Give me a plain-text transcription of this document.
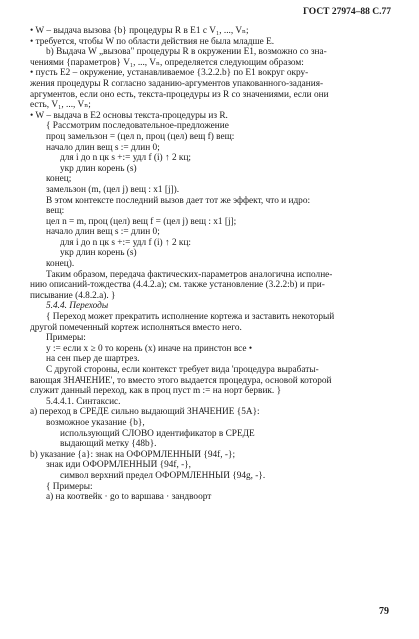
ГОСТ 27974–88 С.77
• W – выдача вызова {b} процедуры R в E1 с V₁, ..., Vₙ;
• требуется, чтобы W по области действия не была младше E.
b) Выдача W „вызова" процедуры R в окружении E1, возможно со зна-
чениями {параметров} V₁, ..., Vₙ, определяется следующим образом:
• пусть E2 – окружение, устанавливаемое {3.2.2.b} по E1 вокруг окру-
жения процедуры R согласно заданию-аргументов упакованного-задания-
аргументов, если оно есть, текста-процедуры из R со значениями, если они
есть, V₁, ..., Vₙ;
• W – выдача в E2 основы текста-процедуры из R.
{ Рассмотрим последовательное-предложение
проц замельзон = (цел n, проц (цел) вещ f) вещ:
начало длин вещ s := длин 0;
для i до n цк s +:= удл f (i) ↑ 2 кц;
укр длин корень (s)
конец;
замельзон (m, (цел j) вещ : x1 [j]).
В этом контексте последний вызов дает тот же эффект, что и идро:
вещ:
цел n = m, проц (цел) вещ f = (цел j) вещ : x1 [j];
начало длин вещ s := длин 0;
для i до n цк s +:= удл f (i) ↑ 2 кц:
укр длин корень (s)
конец).
Таким образом, передача фактических-параметров аналогична исполне-
нию описаний-тождества (4.4.2.a); см. также установление (3.2.2:b) и при-
писывание (4.8.2.a). }
5.4.4. Переходы
{ Переход может прекратить исполнение кортежа и заставить некоторый
другой помеченный кортеж исполняться вместо него.
Примеры:
y := если x ≥ 0 то корень (x) иначе на принстон все •
на сен пьер де шартрез.
С другой стороны, если контекст требует вида 'процедура вырабаты-
вающая ЗНАЧЕНИЕ', то вместо этого выдается процедура, основой которой
служит данный переход, как в проц пуст m := на норт бервик. }
5.4.4.1. Синтаксис.
a) переход в СРЕДЕ сильно выдающий ЗНАЧЕНИЕ {5A}:
возможное указание {b},
использующий СЛОВО идентификатор в СРЕДЕ
выдающий метку {48b}.
b) указание {a}: знак на ОФОРМЛЕННЫЙ {94f, -};
знак иди ОФОРМЛЕННЫЙ {94f, -},
символ верхний предел ОФОРМЛЕННЫЙ {94g, -}.
{ Примеры:
a) на коотвейк · go to варшава · зандвоорт
79
